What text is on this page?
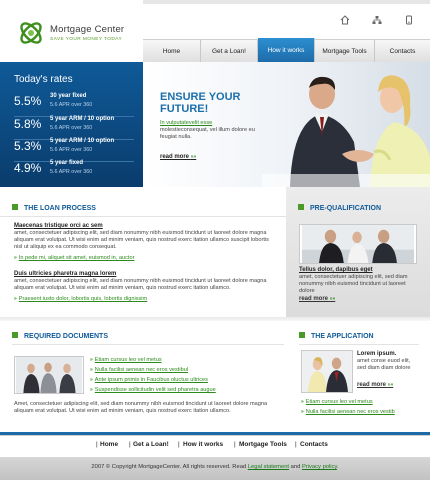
Mortgage Center
SAVE YOUR MONEY TODAY
Home	Get a Loan!	How it works	Mortgage Tools	Contacts
Today's rates
5.5% 30 year fixed
5.6 APR over 360
5.8% 5 year ARM / 10 option
5.6 APR over 360
5.3% 5 year ARM / 10 option
5.6 APR over 360
4.9% 5 year fixed
5.6 APR over 360
ENSURE YOUR
FUTURE!
In vulputatevelit esse
molestieconsequat, vel illum dolore eu feugiat nulla.
read more »»
THE LOAN PROCESS
Maecenas tristique orci ac sem
amet, consectetuer adipiscing elit, sed diam nonummy nibh euismod tincidunt ut laoreet dolore magna aliquam erat volutpat. Ut wisi enim ad minim veniam, quis nostrud exerc itation ullamco suscipit lobortis nisl ut aliquip ex ea commodo consequat.
» In pede mi, aliquet sit amet, euismod in, auctor
Duis ultricies pharetra magna lorem
amet, consectetuer adipiscing elit, sed diam nonummy nibh euismod tincidunt ut laoreet dolore magna aliquam erat volutpat. Ut wisi enim ad minim veniam, quis nostrud exerc itation ullamco.
» Praesent iusto dolor, lobortis quis, lobortis dignissim
PRE-QUALIFICATION
Tellus dolor, dapibus eget
amet, consectetuer adipiscing elit, sed diam nonummy nibh euismod tincidunt ut laoreet dolore
read more »»
REQUIRED DOCUMENTS
» Etiam cursus leo vel metus
» Nulla facilisi aenean nec eros vestibul
» Ante ipsum primis in Faucibus oluctus ultrices
» Suspendisse sollicitudin velit sed pharetra augue
Amet, consectetuer adipiscing elit, sed diam nonummy nibh euismod tincidunt ut laoreet dolore magna aliquam erat volutpat. Ut wisi enim ad minim veniam, quis nostrud exerc itation ullamco.
THE APPLICATION
Lorem ipsum.
amet conse euod elit, sed diam diam dolore
read more »»
» Etiam cursus leo vel metus
» Nulla facilisi aenean nec eros vestib
| Home | Get a Loan! | How it works | Mortgage Tools | Contacts
2007 © Copyright MortgageCenter. All rights reserved. Read Legal statement and Privacy policy.
